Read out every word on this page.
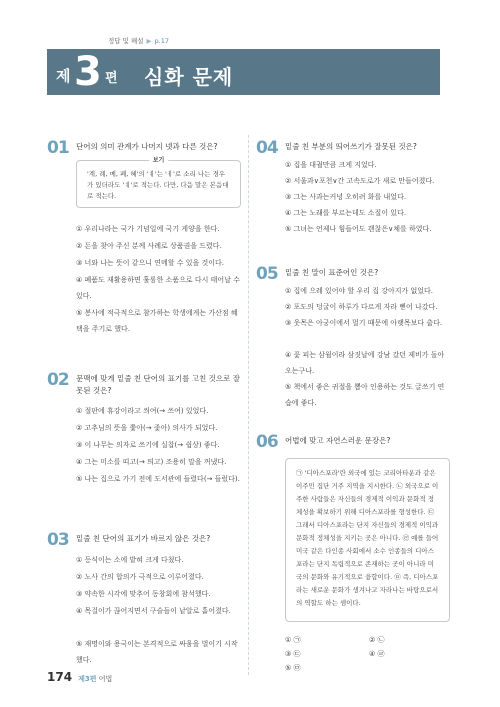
정답 및 해설 ▶ p.17
제 3 편 심화 문제
01 단어의 의미 관계가 나머지 넷과 다른 것은?
보기
'계, 례, 몌, 폐, 혜'의 'ㅖ'는 'ㅔ'로 소리 나는 경우가 있더라도 'ㅖ'로 적는다. 다만, 다음 말은 본음대로 적는다.
① 우리나라는 국가 기념일에 국기 게양을 한다.
② 돈을 찾아 주신 분께 사례로 상품권을 드렸다.
③ 너와 나는 뜻이 같으니 연메할 수 있을 것이다.
④ 폐품도 재활용하면 훌륭한 소품으로 다시 태어날 수 있다.
⑤ 봉사에 적극적으로 참가하는 학생에게는 가산점 혜택을 주기로 했다.
02 문맥에 맞게 밑줄 친 단어의 표기를 고친 것으로 잘못된 것은?
① 절판에 휴강이라고 씌여(→ 쓰여) 있었다.
② 고추님의 뜻을 쫓아(→ 좇아) 의사가 되었다.
③ 이 나무는 의자로 쓰기에 실찹(→ 쉽상) 좋다.
④ 그는 미소를 띠고(→ 띄고) 조용히 말을 꺼냈다.
⑤ 나는 집으로 가기 전에 도서관에 들렸다(→ 들렀다).
03 밑줄 친 단어의 표기가 바르지 않은 것은?
① 등식이는 소에 밭혀 크게 다쳤다.
② 노사 간의 합의가 극적으로 이루어졌다.
③ 약속한 시각에 맞추어 동창회에 참석했다.
④ 목걸이가 끊어지면서 구슬들이 낱알로 흩어졌다.
⑤ 재명이와 용국이는 본격적으로 싸움을 벌이기 시작했다.
04 밑줄 친 부분의 띄어쓰기가 잘못된 것은?
① 집을 대궐만큼 크게 지었다.
② 서울과∨포천∨간 고속도로가 새로 만들어졌다.
③ 그는 사과는커녕 오히려 화를 내었다.
④ 그는 노래를 부르는데도 소질이 있다.
⑤ 그녀는 언제나 힘들어도 괜찮은∨체를 하였다.
05 밑줄 친 말이 표준어인 것은?
① 집에 으레 있어야 할 우리 집 강아지가 없었다.
② 포도의 덩굴이 하루가 다르게 자라 뻗어 나갔다.
③ 웃목은 아궁이에서 멀기 때문에 아랫목보다 춥다.
④ 꽃 피는 삼월이라 삼짓날에 강남 갔던 제비가 돌아오는구나.
⑤ 책에서 좋은 귀절을 뽑아 인용하는 것도 글쓰기 연습에 좋다.
06 어법에 맞고 자연스러운 문장은?
㉠ '디아스포라'란 외국에 있는 코리아타운과 같은 이주민 집단 거주 지역을 지시한다. ㉡ 외국으로 이주한 사람들은 자신들의 경제적 이익과 문화적 정체성을 확보하기 위해 디아스포라를 형성한다. ㉢ 그래서 디아스포라는 단지 자신들의 경제적 이익과 문화적 정체성을 지키는 곳은 아니다. ㉣ 예를 들어 미국 같은 다인종 사회에서 소수 인종들의 디아스포라는 단지 독립적으로 존재하는 곳이 아니라 미국의 문화와 유기적으로 융합이다. ㉤ 즉, 디아스포라는 새로운 문화가 생겨나고 자라나는 바탕으로서의 역할도 하는 셈이다.
① ㉠	② ㉡
③ ㉢	④ ㉣
⑤ ㉤
174 제3편 어법
